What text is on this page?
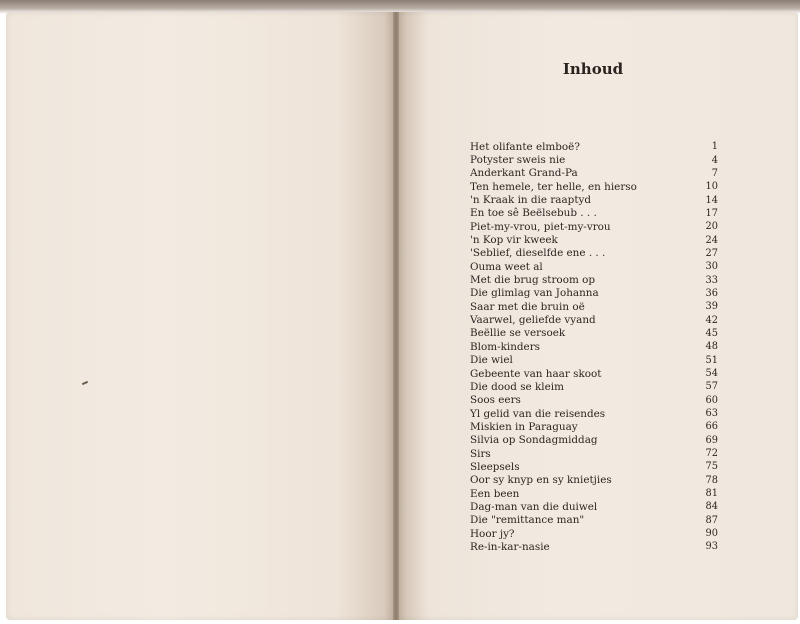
Inhoud
Het olifante elmboë?	1
Potyster sweis nie	4
Anderkant Grand-Pa	7
Ten hemele, ter helle, en hierso	10
'n Kraak in die raaptyd	14
En toe sê Beëlsebub . . .	17
Piet-my-vrou, piet-my-vrou	20
'n Kop vir kweek	24
'Seblief, dieselfde ene . . .	27
Ouma weet al	30
Met die brug stroom op	33
Die glimlag van Johanna	36
Saar met die bruin oë	39
Vaarwel, geliefde vyand	42
Beëllie se versoek	45
Blom-kinders	48
Die wiel	51
Gebeente van haar skoot	54
Die dood se kleim	57
Soos eers	60
Yl gelid van die reisendes	63
Miskien in Paraguay	66
Silvia op Sondagmiddag	69
Sirs	72
Sleepsels	75
Oor sy knyp en sy knietjies	78
Een been	81
Dag-man van die duiwel	84
Die "remittance man"	87
Hoor jy?	90
Re-in-kar-nasie	93
